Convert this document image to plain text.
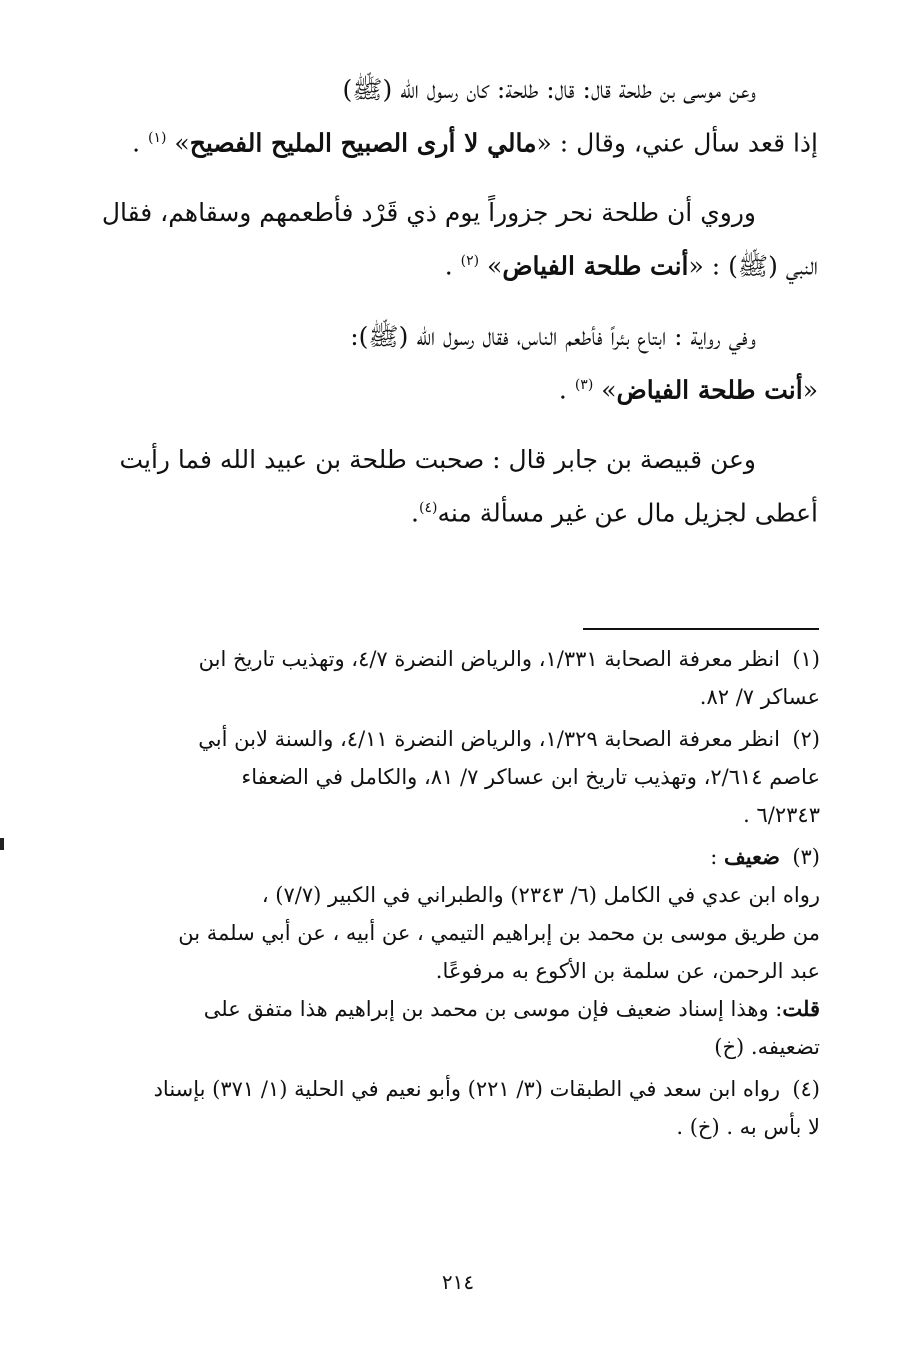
وعن موسى بن طلحة قال: قال: طلحة: كان رسول الله (ﷺ)
إذا قعد سأل عني، وقال : «مالي لا أرى الصبيح المليح الفصيح» $^{(١)}$ .

وروي أن طلحة نحر جزوراً يوم ذي قَرْد فأطعمهم وسقاهم، فقال
النبي (ﷺ) : «أنت طلحة الفياض» $^{(٢)}$ .

وفي رواية : ابتاع بئراً فأطعم الناس، فقال رسول الله (ﷺ):
«أنت طلحة الفياض» $^{(٣)}$ .

وعن قبيصة بن جابر قال : صحبت طلحة بن عبيد الله فما رأيت
أعطى لجزيل مال عن غير مسألة منه$^{(٤)}$.

(١)انظر معرفة الصحابة ١/٣٣١، والرياض النضرة ٤/٧، وتهذيب تاريخ ابن
عساكر ٧/ ٨٢.
(٢)انظر معرفة الصحابة ١/٣٢٩، والرياض النضرة ٤/١١، والسنة لابن أبي
عاصم ٢/٦١٤، وتهذيب تاريخ ابن عساكر ٧/ ٨١، والكامل في الضعفاء
٦/٢٣٤٣ .
(٣)ضعيف :
رواه ابن عدي في الكامل (٦/ ٢٣٤٣) والطبراني في الكبير (٧/٧) ،
من طريق موسى بن محمد بن إبراهيم التيمي ، عن أبيه ، عن أبي سلمة بن
عبد الرحمن، عن سلمة بن الأكوع به مرفوعًا.
قلت: وهذا إسناد ضعيف فإن موسى بن محمد بن إبراهيم هذا متفق على
تضعيفه. (خ)
(٤)رواه ابن سعد في الطبقات (٣/ ٢٢١) وأبو نعيم في الحلية (١/ ٣٧١) بإسناد
لا بأس به . (خ) .
٢١٤
